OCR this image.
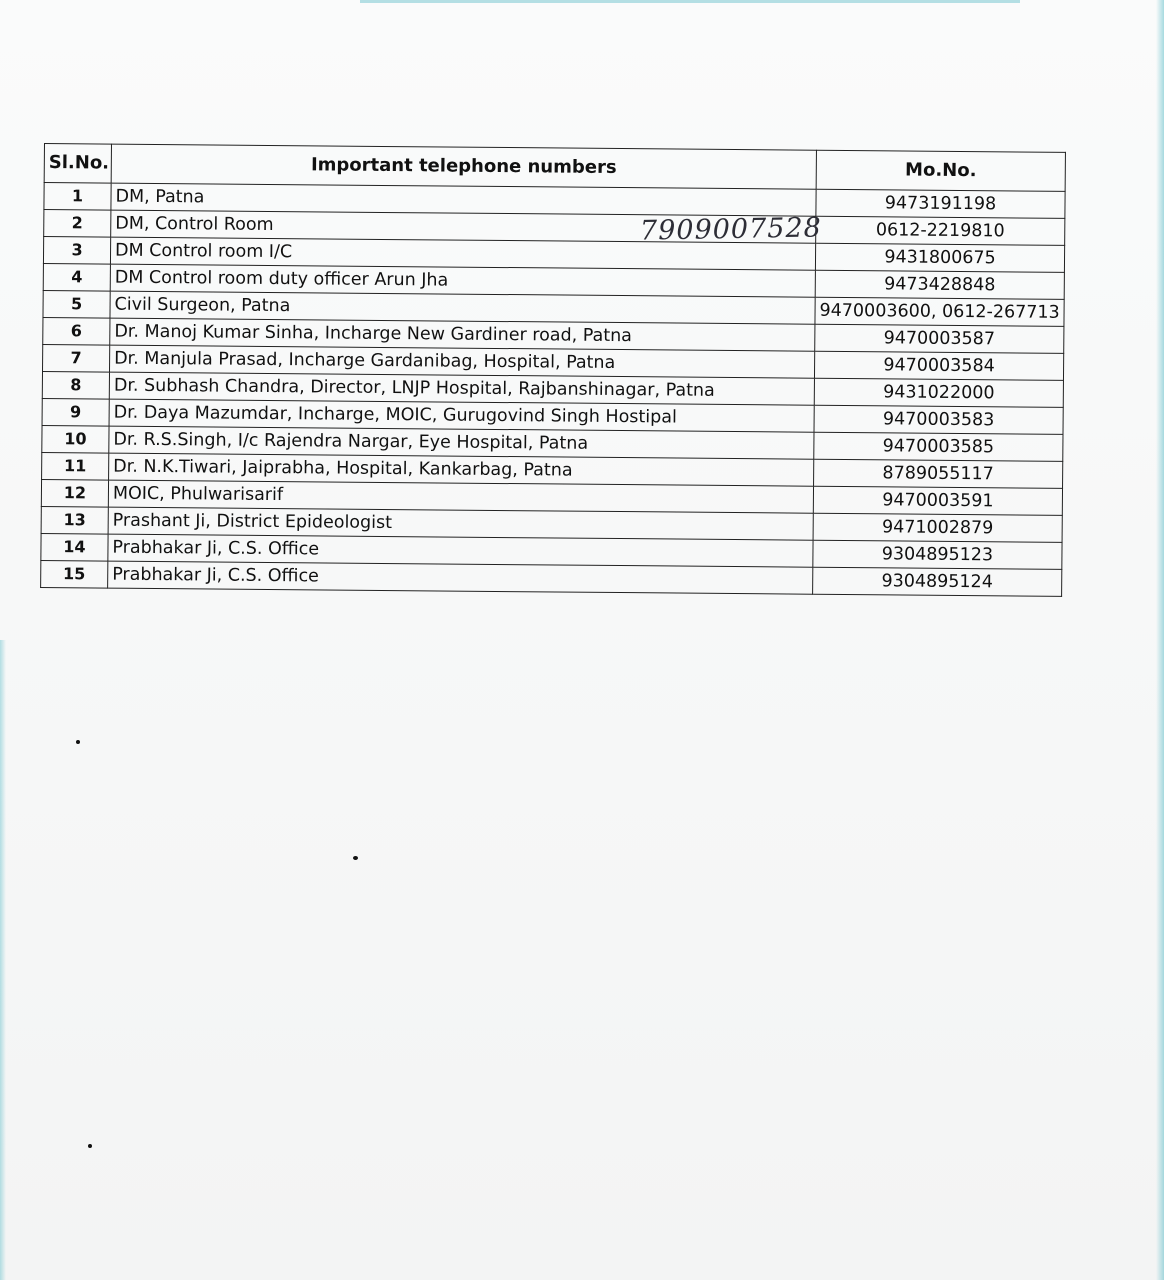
Sl.No.	Important telephone numbers	Mo.No.
1	DM, Patna	9473191198
2	DM, Control Room	0612-2219810
3	DM Control room I/C	9431800675
4	DM Control room duty officer Arun Jha	9473428848
5	Civil Surgeon, Patna	9470003600, 0612-267713
6	Dr. Manoj Kumar Sinha, Incharge New Gardiner road, Patna	9470003587
7	Dr. Manjula Prasad, Incharge Gardanibag, Hospital, Patna	9470003584
8	Dr. Subhash Chandra, Director, LNJP Hospital, Rajbanshinagar, Patna	9431022000
9	Dr. Daya Mazumdar, Incharge, MOIC, Gurugovind Singh Hostipal	9470003583
10	Dr. R.S.Singh, I/c Rajendra Nargar, Eye Hospital, Patna	9470003585
11	Dr. N.K.Tiwari, Jaiprabha, Hospital, Kankarbag, Patna	8789055117
12	MOIC, Phulwarisarif	9470003591
13	Prashant Ji, District Epideologist	9471002879
14	Prabhakar Ji, C.S. Office	9304895123
15	Prabhakar Ji, C.S. Office	9304895124
7909007528
